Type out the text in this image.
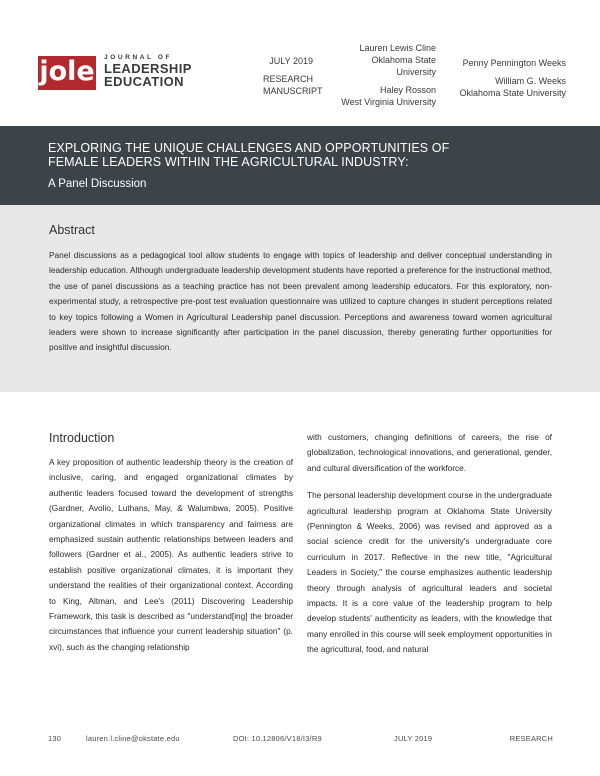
jole JOURNAL OF
LEADERSHIP
EDUCATION
JULY 2019
RESEARCH
MANUSCRIPT
Lauren Lewis Cline
Oklahoma State
University
Haley Rosson
West Virginia University
Penny Pennington Weeks
William G. Weeks
Oklahoma State University
EXPLORING THE UNIQUE CHALLENGES AND OPPORTUNITIES OF FEMALE LEADERS WITHIN THE AGRICULTURAL INDUSTRY:
A Panel Discussion
Abstract
Panel discussions as a pedagogical tool allow students to engage with topics of leadership and deliver conceptual understanding in leadership education. Although undergraduate leadership development students have reported a preference for the instructional method, the use of panel discussions as a teaching practice has not been prevalent among leadership educators. For this exploratory, non-experimental study, a retrospective pre-post test evaluation questionnaire was utilized to capture changes in student perceptions related to key topics following a Women in Agricultural Leadership panel discussion. Perceptions and awareness toward women agricultural leaders were shown to increase significantly after participation in the panel discussion, thereby generating further opportunities for positive and insightful discussion.
Introduction

A key proposition of authentic leadership theory is the creation of inclusive, caring, and engaged organizational climates by authentic leaders focused toward the development of strengths (Gardner, Avolio, Luthans, May, & Walumbwa, 2005). Positive organizational climates in which transparency and fairness are emphasized sustain authentic relationships between leaders and followers (Gardner et al., 2005). As authentic leaders strive to establish positive organizational climates, it is important they understand the realities of their organizational context. According to King, Altman, and Lee's (2011) Discovering Leadership Framework, this task is described as "understand[ing] the broader circumstances that influence your current leadership situation" (p. xvi), such as the changing relationship

with customers, changing definitions of careers, the rise of globalization, technological innovations, and generational, gender, and cultural diversification of the workforce.

The personal leadership development course in the undergraduate agricultural leadership program at Oklahoma State University (Pennington & Weeks, 2006) was revised and approved as a social science credit for the university's undergraduate core curriculum in 2017. Reflective in the new title, "Agricultural Leaders in Society," the course emphasizes authentic leadership theory through analysis of agricultural leaders and societal impacts. It is a core value of the leadership program to help develop students' authenticity as leaders, with the knowledge that many enrolled in this course will seek employment opportunities in the agricultural, food, and natural

130	lauren.l.cline@okstate.edu	DOI: 10.12806/V18/I3/R9	JULY 2019	RESEARCH
